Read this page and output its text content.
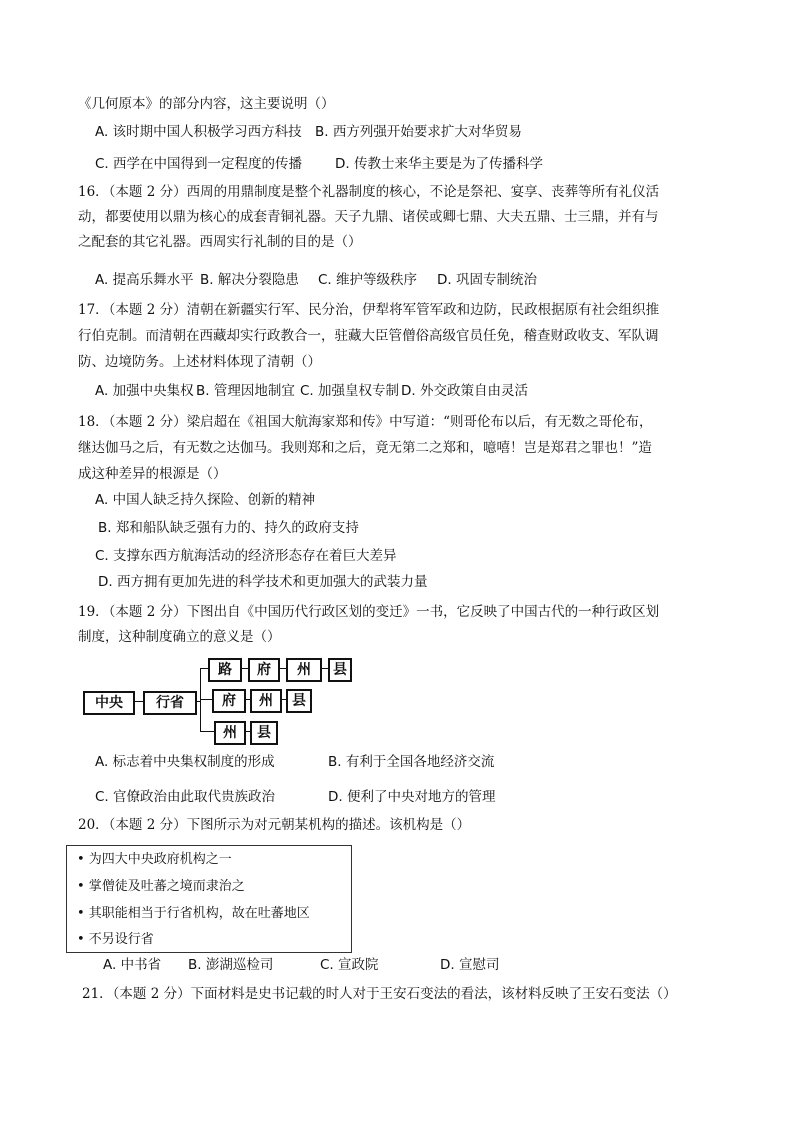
《几何原本》的部分内容，这主要说明（）
A. 该时期中国人积极学习西方科技 B. 西方列强开始要求扩大对华贸易
C. 西学在中国得到一定程度的传播 D. 传教士来华主要是为了传播科学
16．（本题 2 分）西周的用鼎制度是整个礼器制度的核心，不论是祭祀、宴享、丧葬等所有礼仪活动，都要使用以鼎为核心的成套青铜礼器。天子九鼎、诸侯或卿七鼎、大夫五鼎、士三鼎，并有与之配套的其它礼器。西周实行礼制的目的是（）
A. 提高乐舞水平 B. 解决分裂隐患 C. 维护等级秩序 D. 巩固专制统治
17．（本题 2 分）清朝在新疆实行军、民分治，伊犁将军管军政和边防，民政根据原有社会组织推行伯克制。而清朝在西藏却实行政教合一，驻藏大臣管僧俗高级官员任免，稽查财政收支、军队调防、边境防务。上述材料体现了清朝（）
A. 加强中央集权 B. 管理因地制宜 C. 加强皇权专制 D. 外交政策自由灵活
18．（本题 2 分）梁启超在《祖国大航海家郑和传》中写道：“则哥伦布以后，有无数之哥伦布，继达伽马之后，有无数之达伽马。我则郑和之后，竟无第二之郑和，噫嘻！岂是郑君之罪也！”造成这种差异的根源是（）
A. 中国人缺乏持久探险、创新的精神
B. 郑和船队缺乏强有力的、持久的政府支持
C. 支撑东西方航海活动的经济形态存在着巨大差异
D. 西方拥有更加先进的科学技术和更加强大的武装力量
19．（本题 2 分）下图出自《中国历代行政区划的变迁》一书，它反映了中国古代的一种行政区划制度，这种制度确立的意义是（）
中央	行省
路	府	州	县
府	州	县
州	县
A. 标志着中央集权制度的形成	B. 有利于全国各地经济交流
C. 官僚政治由此取代贵族政治	D. 便利了中央对地方的管理
20．（本题 2 分）下图所示为对元朝某机构的描述。该机构是（）
• 为四大中央政府机构之一
• 掌僧徒及吐蕃之境而隶治之
• 其职能相当于行省机构，故在吐蕃地区
• 不另设行省
A. 中书省 B. 澎湖巡检司	C. 宣政院	D. 宣慰司
21．（本题 2 分）下面材料是史书记载的时人对于王安石变法的看法，该材料反映了王安石变法（）
